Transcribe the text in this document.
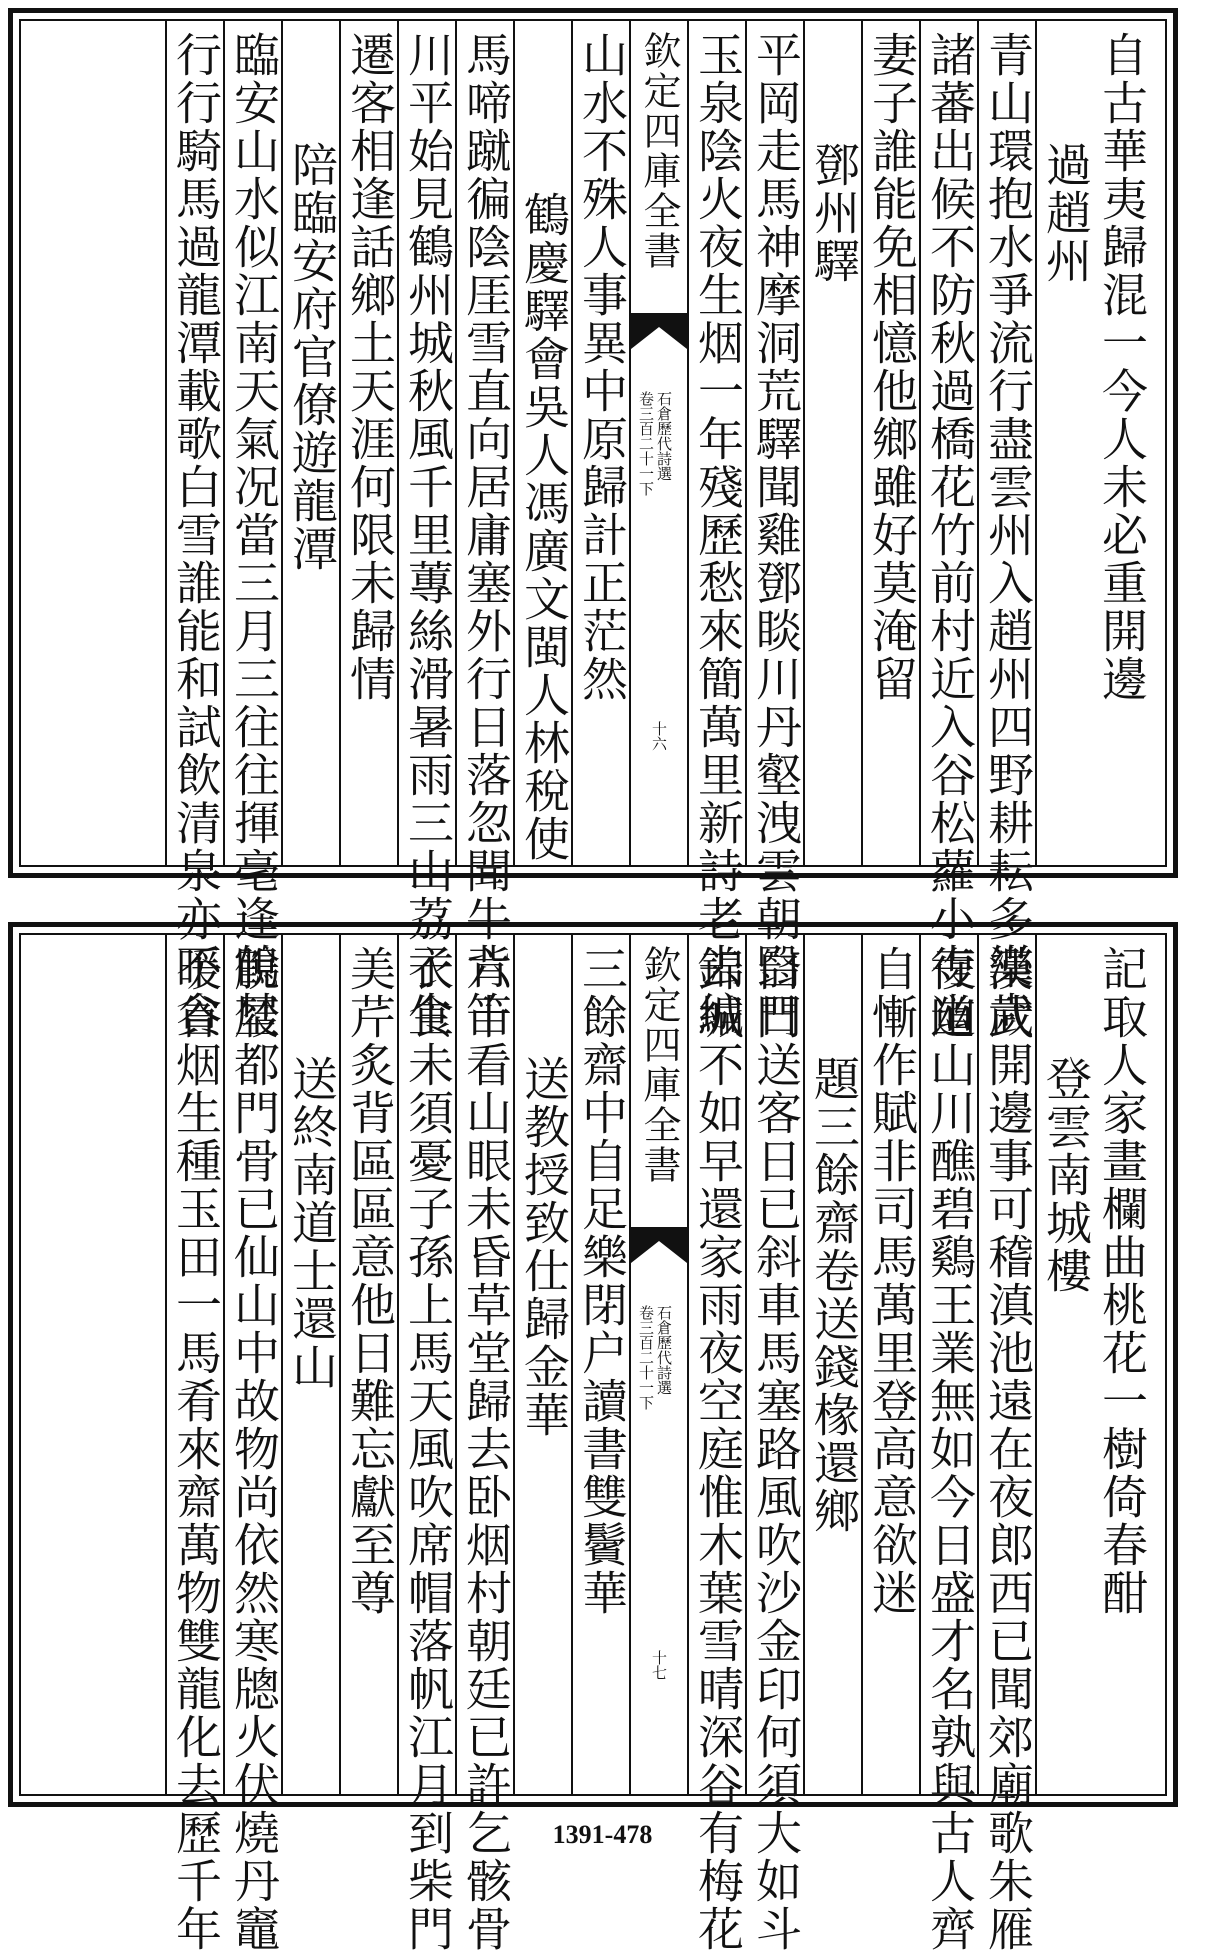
自古華夷歸混一今人未必重開邊
過趙州
青山環抱水爭流行盡雲州入趙州四野耕耘多樂歲
諸蕃出候不防秋過橋花竹前村近入谷松蘿小寺幽
妻子誰能免相憶他鄉雖好莫淹留
鄧州驛
平岡走馬神摩洞荒驛聞雞鄧睒川丹壑洩雲朝翳日
玉泉陰火夜生烟一年殘歷愁來簡萬里新詩老去編
欽定四庫全書
石倉歷代詩選
卷三百二十一下
十六
山水不殊人事異中原歸計正茫然
鶴慶驛會吳人馮廣文閩人林稅使
馬啼蹴徧陰厓雪直向居庸塞外行日落忽聞牛背笛
川平始見鶴州城秋風千里蓴絲滑暑雨三山荔子生
遷客相逢話鄉土天涯何限未歸情
陪臨安府官僚遊龍潭
臨安山水似江南天氣况當三月三往往揮毫逢鶴埜
行行騎馬過龍潭載歌白雪誰能和試飲清泉亦不貪
記取人家畫欄曲桃花一樹倚春酣
登雲南城樓
漢武開邊事可稽滇池遠在夜郎西已聞郊廟歌朱雁
復道山川醮碧鷄王業無如今日盛才名孰與古人齊
自慚作賦非司馬萬里登高意欲迷
題三餘齋卷送錢椽還鄉
白門送客日已斜車馬塞路風吹沙金印何須大如斗
錦城不如早還家雨夜空庭惟木葉雪晴深谷有梅花
欽定四庫全書
石倉歷代詩選
卷三百二十一下
十七
三餘齋中自足樂閉户讀書雙鬢華
送教授致仕歸金華
六十看山眼未昏草堂歸去卧烟村朝廷已許乞骸骨
衣食未須憂子孫上馬天風吹席帽落帆江月到柴門
美芹炙背區區意他日難忘獻至尊
送終南道士還山
脫屐都門骨已仙山中故物尚依然寒牕火伏燒丹竈
暖谷烟生種玉田一馬肴來齋萬物雙龍化去歷千年	1391-478
